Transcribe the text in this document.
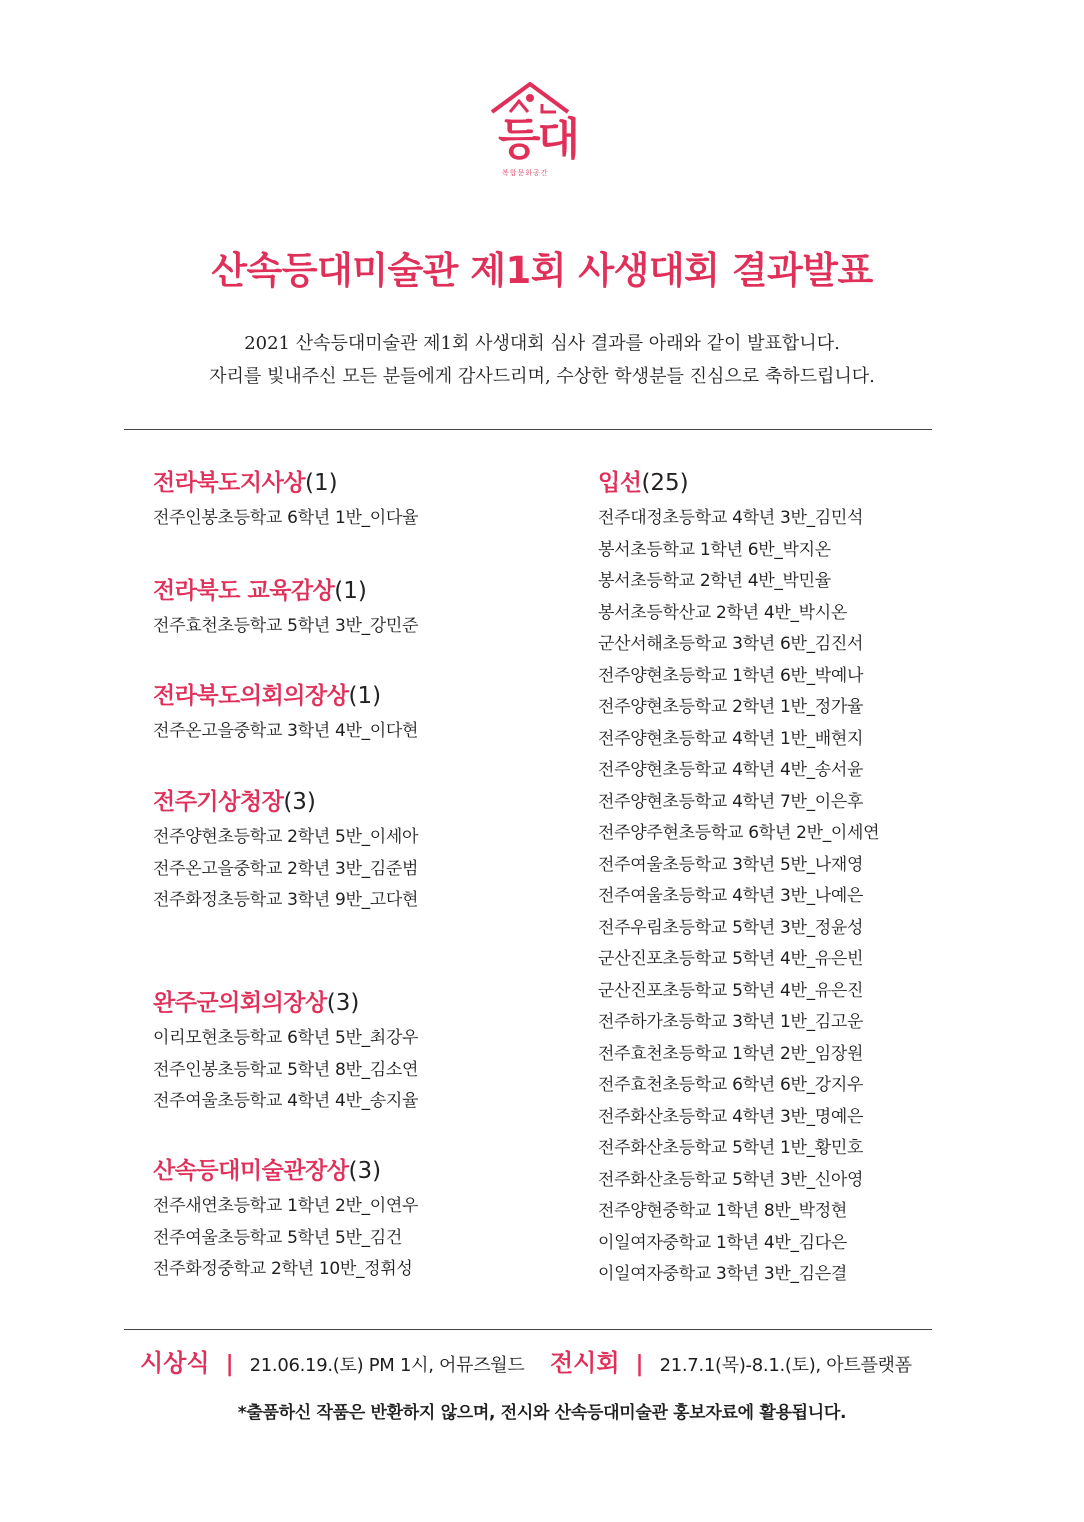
등대
복합문화공간
산속등대미술관 제1회 사생대회 결과발표
2021 산속등대미술관 제1회 사생대회 심사 결과를 아래와 같이 발표합니다.
자리를 빛내주신 모든 분들에게 감사드리며, 수상한 학생분들 진심으로 축하드립니다.
전라북도지사상(1)
전주인봉초등학교 6학년 1반_이다율
전라북도 교육감상(1)
전주효천초등학교 5학년 3반_강민준
전라북도의회의장상(1)
전주온고을중학교 3학년 4반_이다현
전주기상청장(3)
전주양현초등학교 2학년 5반_이세아
전주온고을중학교 2학년 3반_김준범
전주화정초등학교 3학년 9반_고다현
완주군의회의장상(3)
이리모현초등학교 6학년 5반_최강우
전주인봉초등학교 5학년 8반_김소연
전주여울초등학교 4학년 4반_송지율
산속등대미술관장상(3)
전주새연초등학교 1학년 2반_이연우
전주여울초등학교 5학년 5반_김건
전주화정중학교 2학년 10반_정휘성
입선(25)
전주대정초등학교 4학년 3반_김민석
봉서초등학교 1학년 6반_박지온
봉서초등학교 2학년 4반_박민율
봉서초등학산교 2학년 4반_박시온
군산서해초등학교 3학년 6반_김진서
전주양현초등학교 1학년 6반_박예나
전주양현초등학교 2학년 1반_정가율
전주양현초등학교 4학년 1반_배현지
전주양현초등학교 4학년 4반_송서윤
전주양현초등학교 4학년 7반_이은후
전주양주현초등학교 6학년 2반_이세연
전주여울초등학교 3학년 5반_나재영
전주여울초등학교 4학년 3반_나예은
전주우림초등학교 5학년 3반_정윤성
군산진포초등학교 5학년 4반_유은빈
군산진포초등학교 5학년 4반_유은진
전주하가초등학교 3학년 1반_김고운
전주효천초등학교 1학년 2반_임장원
전주효천초등학교 6학년 6반_강지우
전주화산초등학교 4학년 3반_명예은
전주화산초등학교 5학년 1반_황민호
전주화산초등학교 5학년 3반_신아영
전주양현중학교 1학년 8반_박정현
이일여자중학교 1학년 4반_김다은
이일여자중학교 3학년 3반_김은결
시상식 | 21.06.19.(토) PM 1시, 어뮤즈월드 전시회 | 21.7.1(목)-8.1.(토), 아트플랫폼
*출품하신 작품은 반환하지 않으며, 전시와 산속등대미술관 홍보자료에 활용됩니다.
